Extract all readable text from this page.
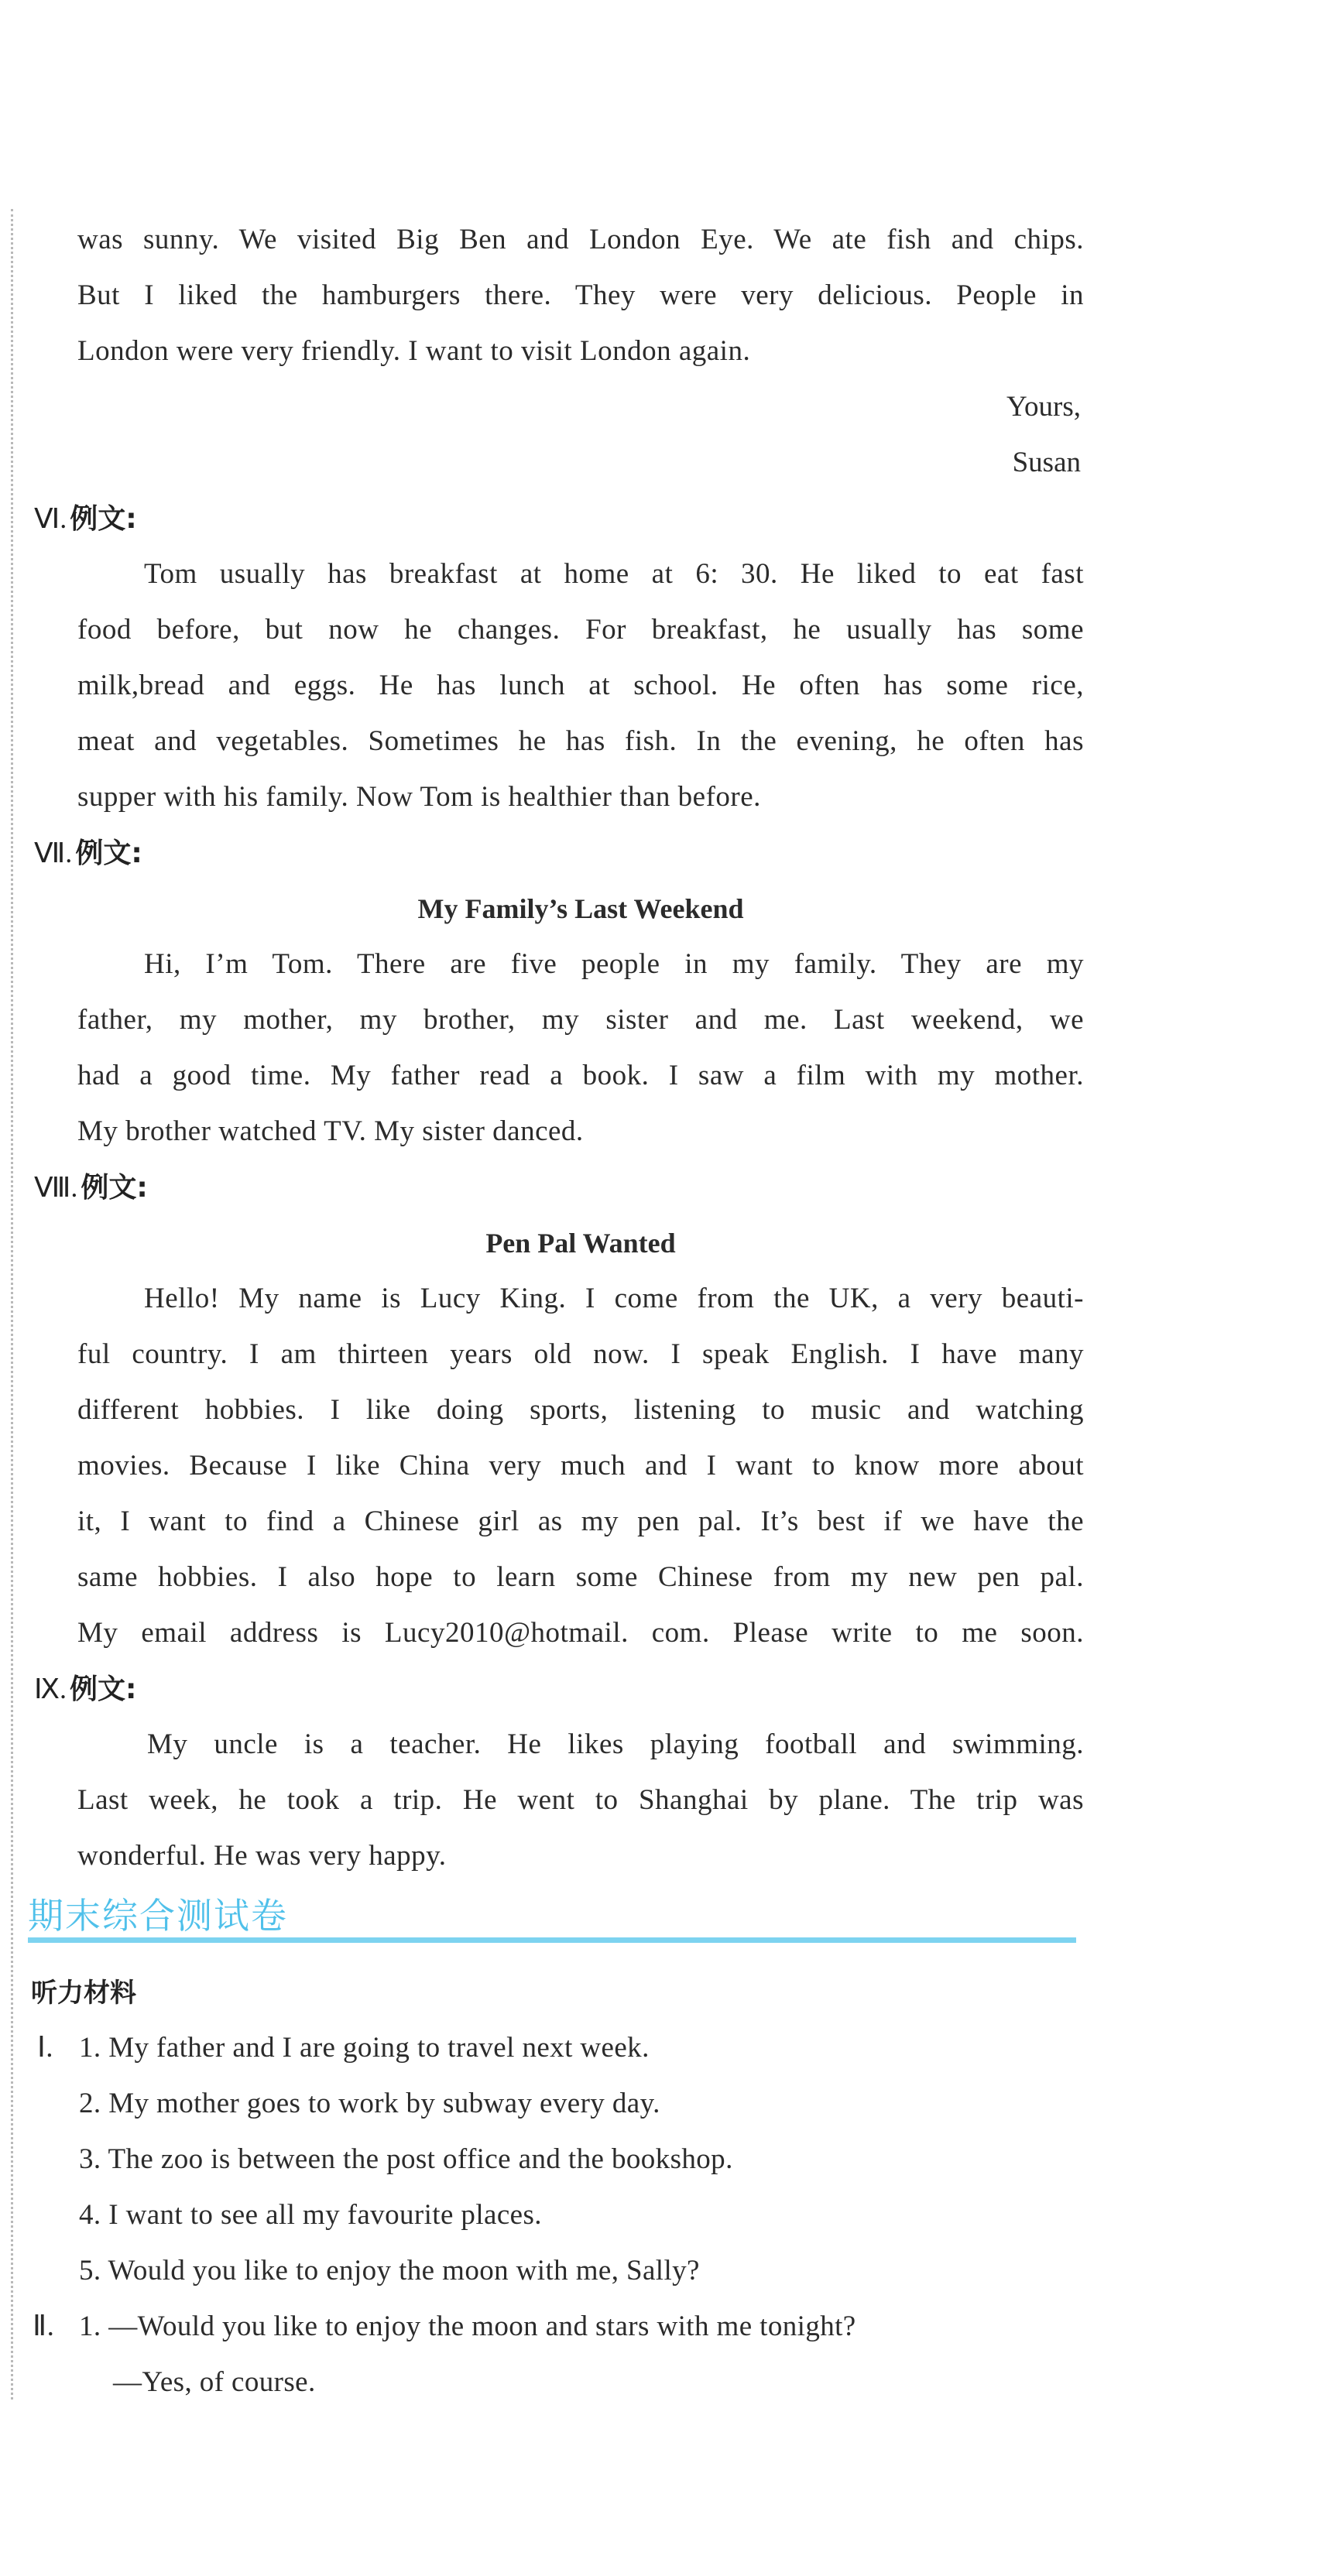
was sunny. We visited Big Ben and London Eye. We ate fish and chips.
But I liked the hamburgers there. They were very delicious. People in
London were very friendly. I want to visit London again.
Yours,
Susan
Ⅵ. 例文:
Tom usually has breakfast at home at 6: 30. He liked to eat fast
food before, but now he changes. For breakfast, he usually has some
milk,bread and eggs. He has lunch at school. He often has some rice,
meat and vegetables. Sometimes he has fish. In the evening, he often has
supper with his family. Now Tom is healthier than before.
Ⅶ. 例文:
My Family’s Last Weekend
Hi, I’m Tom. There are five people in my family. They are my
father, my mother, my brother, my sister and me. Last weekend, we
had a good time. My father read a book. I saw a film with my mother.
My brother watched TV. My sister danced.
Ⅷ. 例文:
Pen Pal Wanted
Hello! My name is Lucy King. I come from the UK, a very beauti-
ful country. I am thirteen years old now. I speak English. I have many
different hobbies. I like doing sports, listening to music and watching
movies. Because I like China very much and I want to know more about
it, I want to find a Chinese girl as my pen pal. It’s best if we have the
same hobbies. I also hope to learn some Chinese from my new pen pal.
My email address is Lucy2010@hotmail. com. Please write to me soon.
Ⅸ. 例文:
My uncle is a teacher. He likes playing football and swimming.
Last week, he took a trip. He went to Shanghai by plane. The trip was
wonderful. He was very happy.
期末综合测试卷
听力材料
Ⅰ. 1. My father and I are going to travel next week.
2. My mother goes to work by subway every day.
3. The zoo is between the post office and the bookshop.
4. I want to see all my favourite places.
5. Would you like to enjoy the moon with me, Sally?
Ⅱ. 1. —Would you like to enjoy the moon and stars with me tonight?
—Yes, of course.
